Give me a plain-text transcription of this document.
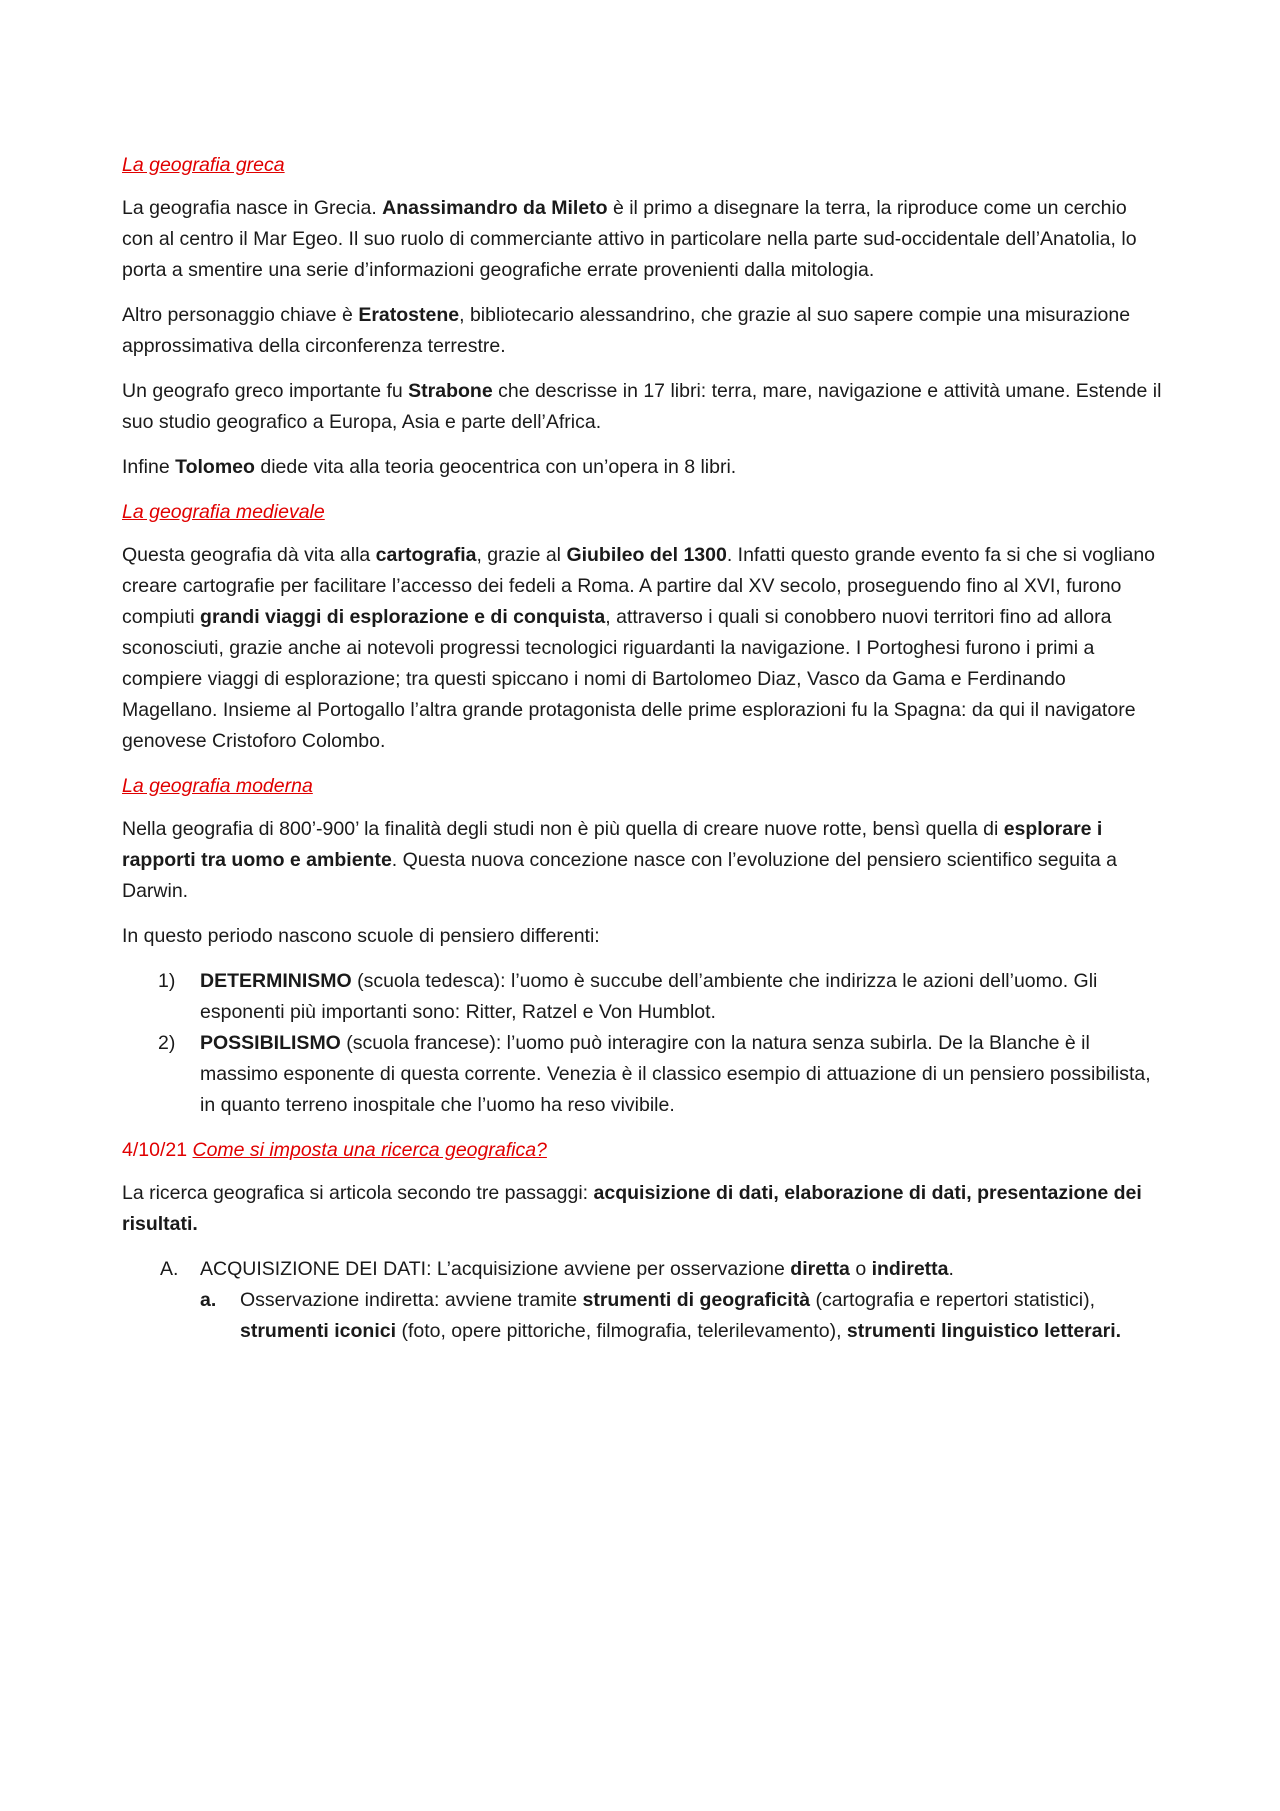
La geografia greca

La geografia nasce in Grecia. Anassimandro da Mileto è il primo a disegnare la terra, la riproduce come un cerchio con al centro il Mar Egeo. Il suo ruolo di commerciante attivo in particolare nella parte sud-occidentale dell’Anatolia, lo porta a smentire una serie d’informazioni geografiche errate provenienti dalla mitologia.

Altro personaggio chiave è Eratostene, bibliotecario alessandrino, che grazie al suo sapere compie una misurazione approssimativa della circonferenza terrestre.

Un geografo greco importante fu Strabone che descrisse in 17 libri: terra, mare, navigazione e attività umane. Estende il suo studio geografico a Europa, Asia e parte dell’Africa.

Infine Tolomeo diede vita alla teoria geocentrica con un’opera in 8 libri.

La geografia medievale

Questa geografia dà vita alla cartografia, grazie al Giubileo del 1300. Infatti questo grande evento fa si che si vogliano creare cartografie per facilitare l’accesso dei fedeli a Roma. A partire dal XV secolo, proseguendo fino al XVI, furono compiuti grandi viaggi di esplorazione e di conquista, attraverso i quali si conobbero nuovi territori fino ad allora sconosciuti, grazie anche ai notevoli progressi tecnologici riguardanti la navigazione. I Portoghesi furono i primi a compiere viaggi di esplorazione; tra questi spiccano i nomi di Bartolomeo Diaz, Vasco da Gama e Ferdinando Magellano. Insieme al Portogallo l’altra grande protagonista delle prime esplorazioni fu la Spagna: da qui il navigatore genovese Cristoforo Colombo.

La geografia moderna

Nella geografia di 800’-900’ la finalità degli studi non è più quella di creare nuove rotte, bensì quella di esplorare i rapporti tra uomo e ambiente. Questa nuova concezione nasce con l’evoluzione del pensiero scientifico seguita a Darwin.

In questo periodo nascono scuole di pensiero differenti:

1) DETERMINISMO (scuola tedesca): l’uomo è succube dell’ambiente che indirizza le azioni dell’uomo. Gli esponenti più importanti sono: Ritter, Ratzel e Von Humblot.
2) POSSIBILISMO (scuola francese): l’uomo può interagire con la natura senza subirla. De la Blanche è il massimo esponente di questa corrente. Venezia è il classico esempio di attuazione di un pensiero possibilista, in quanto terreno inospitale che l’uomo ha reso vivibile.

4/10/21 Come si imposta una ricerca geografica?

La ricerca geografica si articola secondo tre passaggi: acquisizione di dati, elaborazione di dati, presentazione dei risultati.

A. ACQUISIZIONE DEI DATI: L’acquisizione avviene per osservazione diretta o indiretta.
a. Osservazione indiretta: avviene tramite strumenti di geograficità (cartografia e repertori statistici), strumenti iconici (foto, opere pittoriche, filmografia, telerilevamento), strumenti linguistico letterari.
